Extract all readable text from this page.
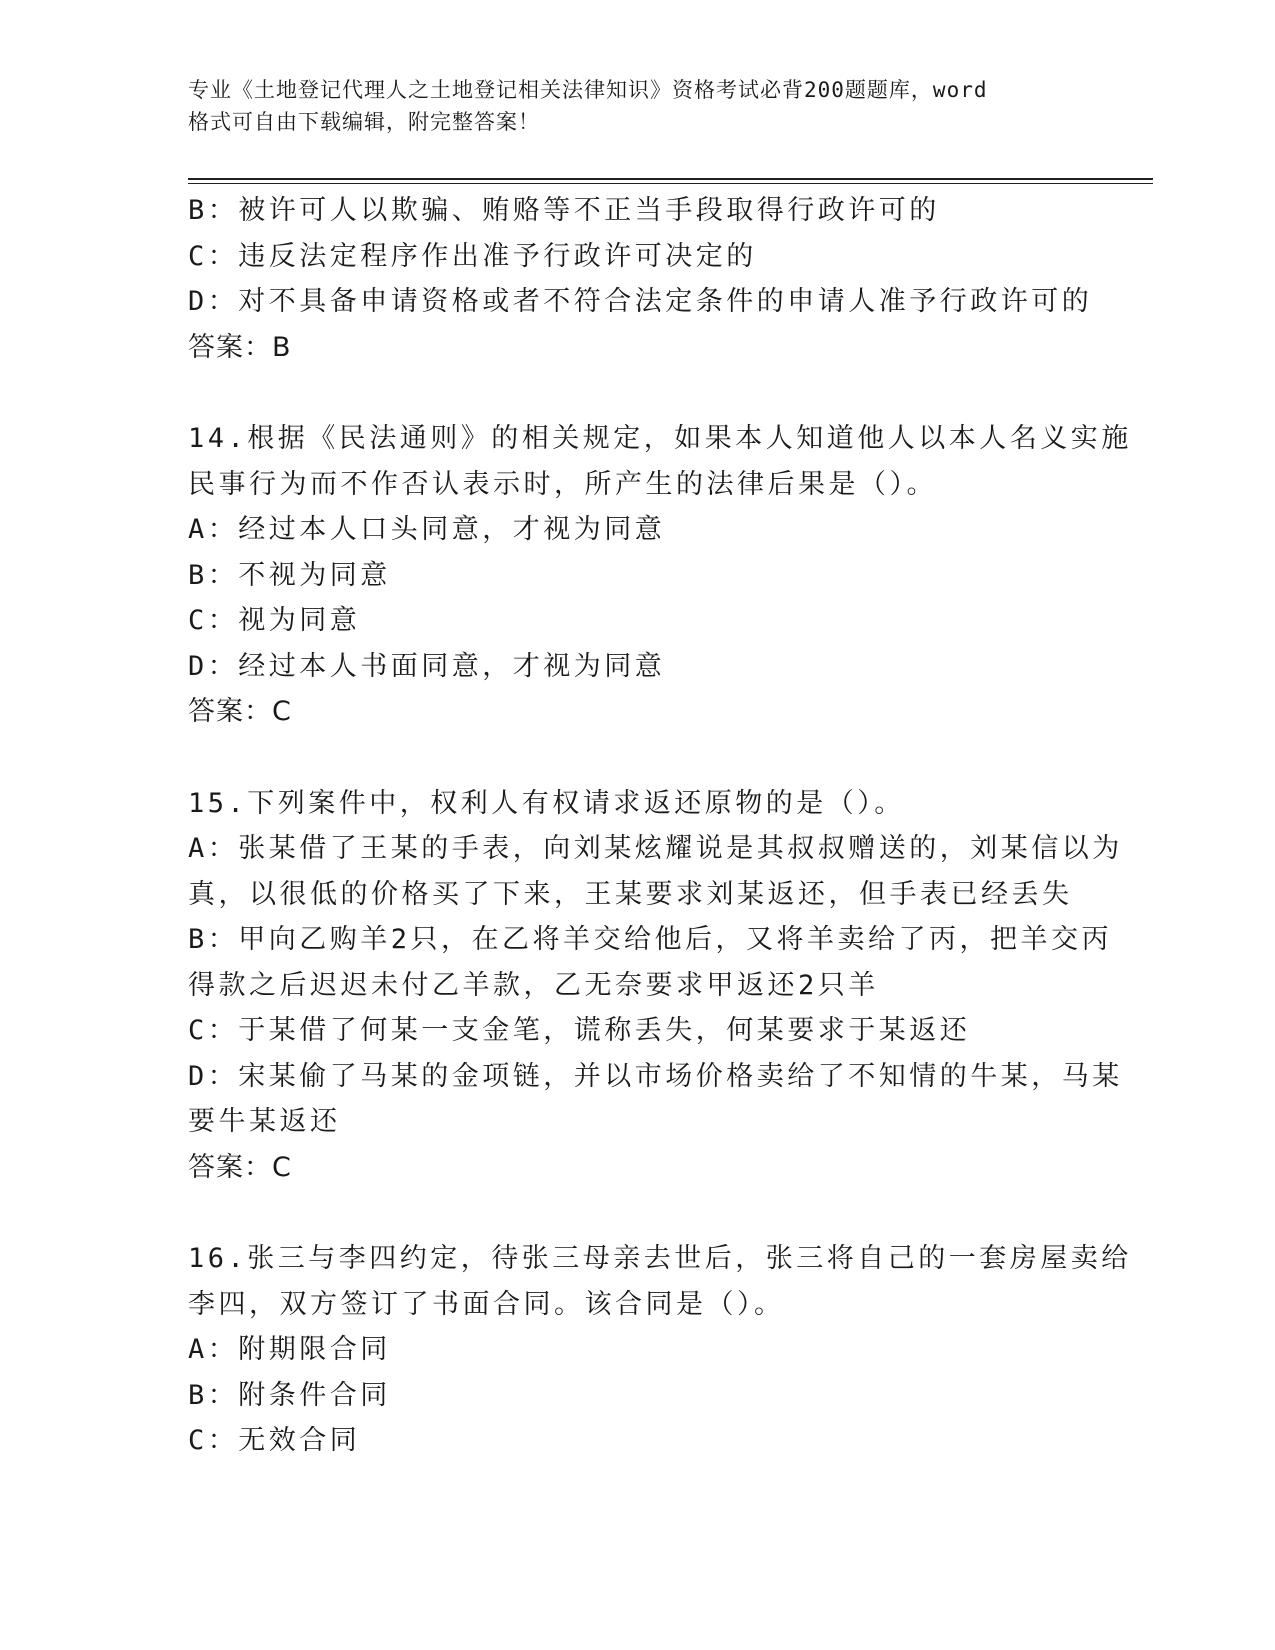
专业《土地登记代理人之土地登记相关法律知识》资格考试必背200题题库，word
格式可自由下载编辑，附完整答案！
B：被许可人以欺骗、贿赂等不正当手段取得行政许可的
C：违反法定程序作出准予行政许可决定的
D：对不具备申请资格或者不符合法定条件的申请人准予行政许可的
答案：B
14.根据《民法通则》的相关规定，如果本人知道他人以本人名义实施
民事行为而不作否认表示时，所产生的法律后果是（）。
A：经过本人口头同意，才视为同意
B：不视为同意
C：视为同意
D：经过本人书面同意，才视为同意
答案：C
15.下列案件中，权利人有权请求返还原物的是（）。
A：张某借了王某的手表，向刘某炫耀说是其叔叔赠送的，刘某信以为
真，以很低的价格买了下来，王某要求刘某返还，但手表已经丢失
B：甲向乙购羊2只，在乙将羊交给他后，又将羊卖给了丙，把羊交丙
得款之后迟迟未付乙羊款，乙无奈要求甲返还2只羊
C：于某借了何某一支金笔，谎称丢失，何某要求于某返还
D：宋某偷了马某的金项链，并以市场价格卖给了不知情的牛某，马某
要牛某返还
答案：C
16.张三与李四约定，待张三母亲去世后，张三将自己的一套房屋卖给
李四，双方签订了书面合同。该合同是（）。
A：附期限合同
B：附条件合同
C：无效合同
